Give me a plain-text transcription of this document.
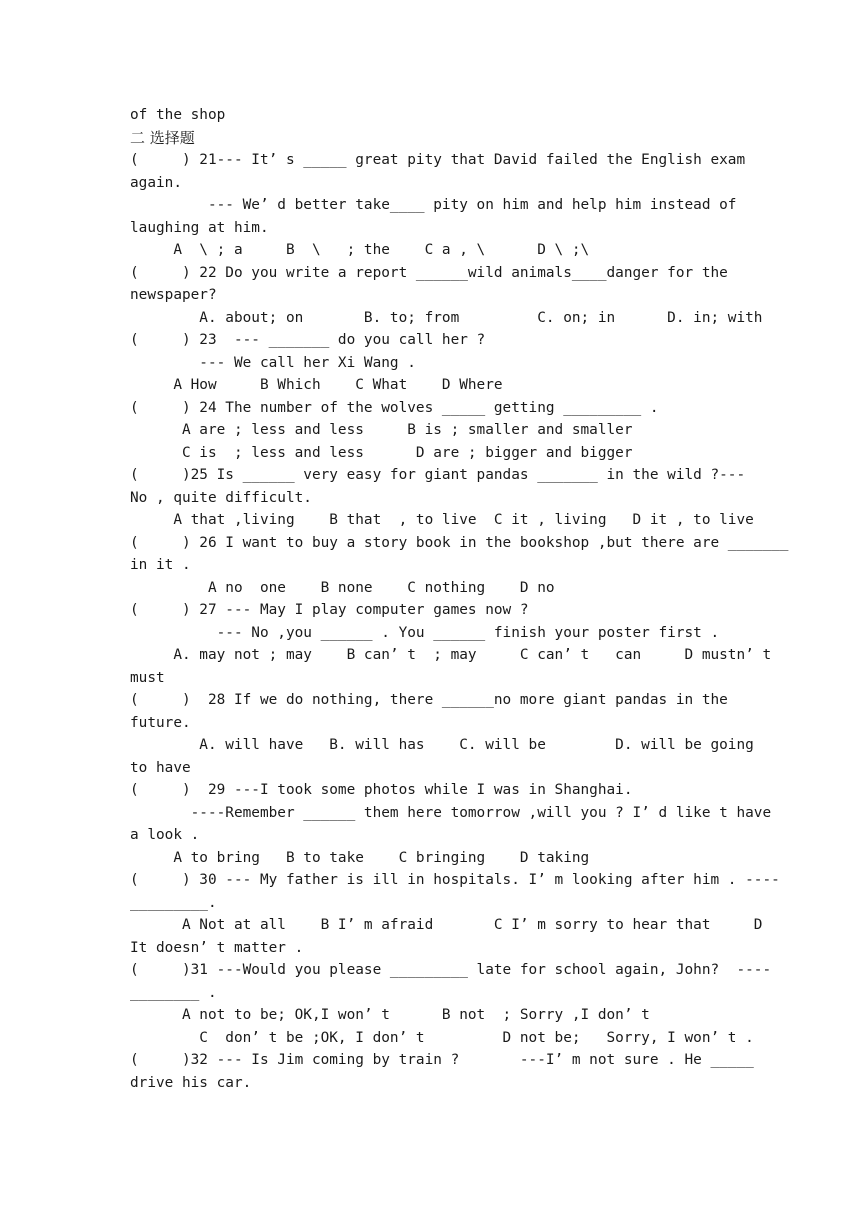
of the shop
二 选择题
(     ) 21--- It’ s _____ great pity that David failed the English exam
again.
--- We’ d better take____ pity on him and help him instead of
laughing at him.
A  \ ; a     B  \   ; the    C a , \      D \ ;\
(     ) 22 Do you write a report ______wild animals____danger for the
newspaper?
A. about; on       B. to; from         C. on; in      D. in; with
(     ) 23  --- _______ do you call her ?
--- We call her Xi Wang .
A How     B Which    C What    D Where
(     ) 24 The number of the wolves _____ getting _________ .
A are ; less and less     B is ; smaller and smaller
C is  ; less and less      D are ; bigger and bigger
(     )25 Is ______ very easy for giant pandas _______ in the wild ?---
No , quite difficult.
A that ,living    B that  , to live  C it , living   D it , to live
(     ) 26 I want to buy a story book in the bookshop ,but there are _______
in it .
A no  one    B none    C nothing    D no
(     ) 27 --- May I play computer games now ?
--- No ,you ______ . You ______ finish your poster first .
A. may not ; may    B can’ t  ; may     C can’ t   can     D mustn’ t
must
(     )  28 If we do nothing, there ______no more giant pandas in the
future.
A. will have   B. will has    C. will be        D. will be going
to have
(     )  29 ---I took some photos while I was in Shanghai.
----Remember ______ them here tomorrow ,will you ? I’ d like t have
a look .
A to bring   B to take    C bringing    D taking
(     ) 30 --- My father is ill in hospitals. I’ m looking after him . ----
_________.
A Not at all    B I’ m afraid       C I’ m sorry to hear that     D
It doesn’ t matter .
(     )31 ---Would you please _________ late for school again, John?  ----
________ .
A not to be; OK,I won’ t      B not  ; Sorry ,I don’ t
C  don’ t be ;OK, I don’ t         D not be;   Sorry, I won’ t .
(     )32 --- Is Jim coming by train ?       ---I’ m not sure . He _____
drive his car.
